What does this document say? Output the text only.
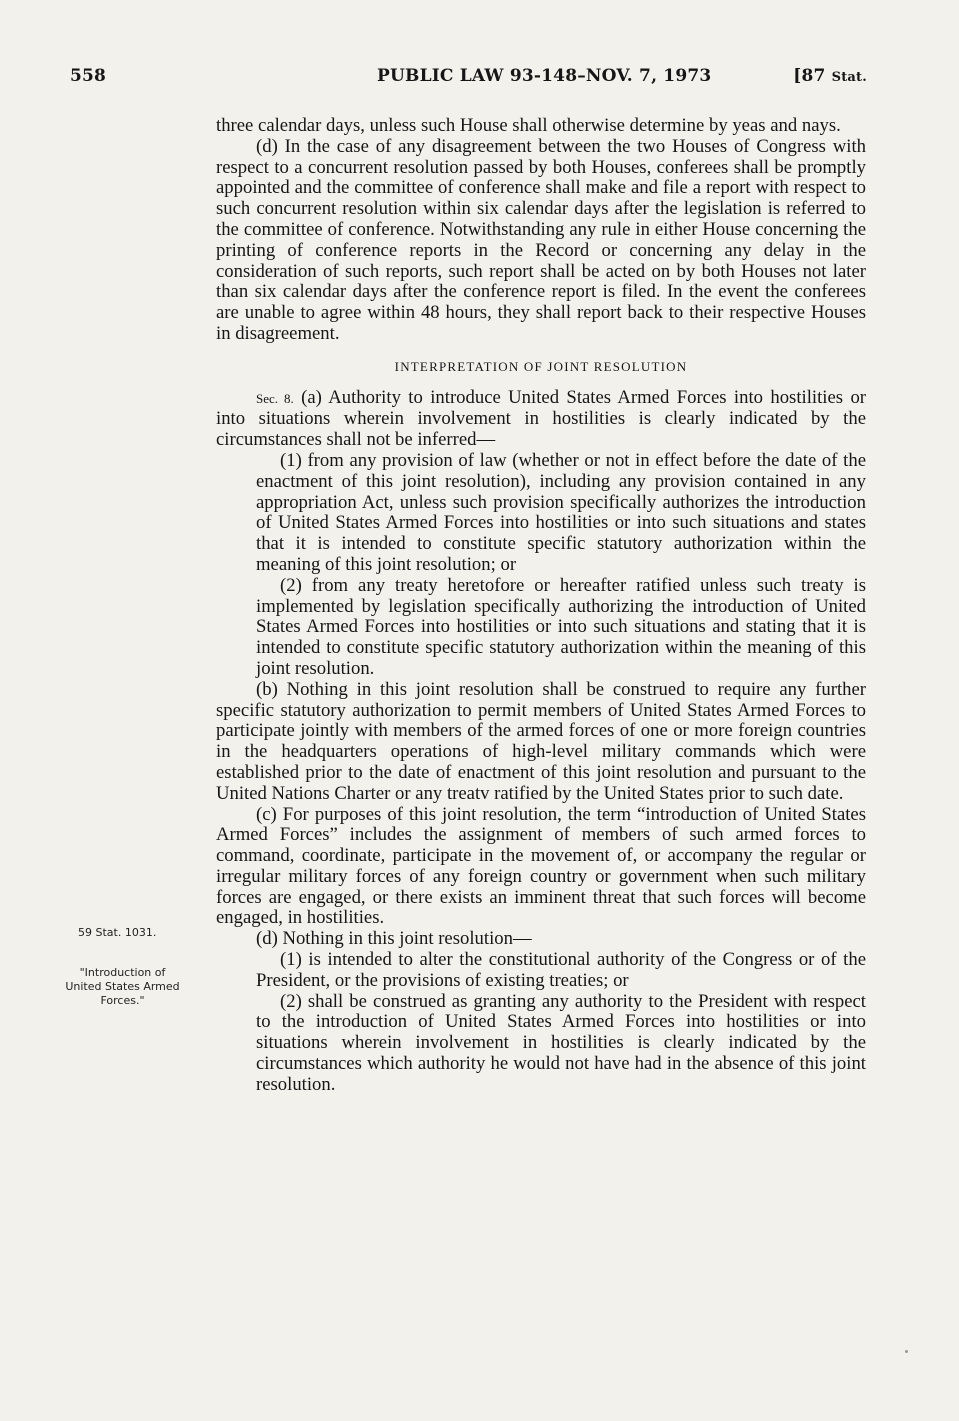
558	PUBLIC LAW 93-148–NOV. 7, 1973	[87 Stat.

three calendar days, unless such House shall otherwise determine by yeas and nays.

(d) In the case of any disagreement between the two Houses of Congress with respect to a concurrent resolution passed by both Houses, conferees shall be promptly appointed and the committee of conference shall make and file a report with respect to such concurrent resolution within six calendar days after the legislation is referred to the committee of conference. Notwithstanding any rule in either House concerning the printing of conference reports in the Record or concerning any delay in the consideration of such reports, such report shall be acted on by both Houses not later than six calendar days after the conference report is filed. In the event the conferees are unable to agree within 48 hours, they shall report back to their respective Houses in disagreement.

INTERPRETATION OF JOINT RESOLUTION

Sec. 8. (a) Authority to introduce United States Armed Forces into hostilities or into situations wherein involvement in hostilities is clearly indicated by the circumstances shall not be inferred—

(1) from any provision of law (whether or not in effect before the date of the enactment of this joint resolution), including any provision contained in any appropriation Act, unless such provision specifically authorizes the introduction of United States Armed Forces into hostilities or into such situations and states that it is intended to constitute specific statutory authorization within the meaning of this joint resolution; or

(2) from any treaty heretofore or hereafter ratified unless such treaty is implemented by legislation specifically authorizing the introduction of United States Armed Forces into hostilities or into such situations and stating that it is intended to constitute specific statutory authorization within the meaning of this joint resolution.

(b) Nothing in this joint resolution shall be construed to require any further specific statutory authorization to permit members of United States Armed Forces to participate jointly with members of the armed forces of one or more foreign countries in the headquarters operations of high-level military commands which were established prior to the date of enactment of this joint resolution and pursuant to the United Nations Charter or any treatv ratified by the United States prior to such date.

(c) For purposes of this joint resolution, the term “introduction of United States Armed Forces” includes the assignment of members of such armed forces to command, coordinate, participate in the movement of, or accompany the regular or irregular military forces of any foreign country or government when such military forces are engaged, or there exists an imminent threat that such forces will become engaged, in hostilities.

(d) Nothing in this joint resolution—

(1) is intended to alter the constitutional authority of the Congress or of the President, or the provisions of existing treaties; or

(2) shall be construed as granting any authority to the President with respect to the introduction of United States Armed Forces into hostilities or into situations wherein involvement in hostilities is clearly indicated by the circumstances which authority he would not have had in the absence of this joint resolution.

59 Stat. 1031.
"Introduction of United States Armed Forces."
